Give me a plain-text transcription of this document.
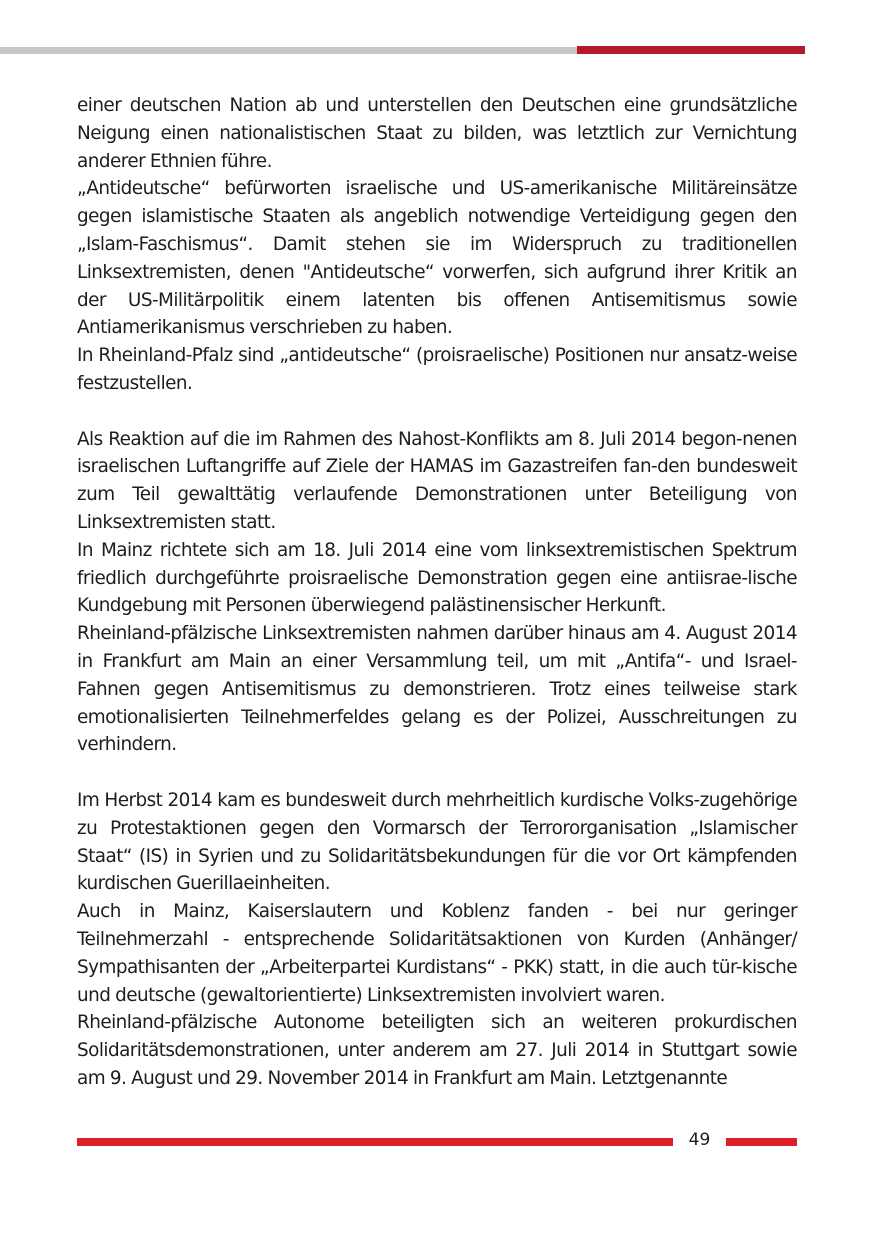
einer deutschen Nation ab und unterstellen den Deutschen eine grundsätzliche Neigung einen nationalistischen Staat zu bilden, was letztlich zur Vernichtung anderer Ethnien führe.

„Antideutsche“ befürworten israelische und US-amerikanische Militäreinsätze gegen islamistische Staaten als angeblich notwendige Verteidigung gegen den „Islam-Faschismus“. Damit stehen sie im Widerspruch zu traditionellen Linksextremisten, denen "Antideutsche“ vorwerfen, sich aufgrund ihrer Kritik an der US-Militärpolitik einem latenten bis offenen Antisemitismus sowie Antiamerikanismus verschrieben zu haben.

In Rheinland-Pfalz sind „antideutsche“ (proisraelische) Positionen nur ansatz-weise festzustellen.

Als Reaktion auf die im Rahmen des Nahost-Konflikts am 8. Juli 2014 begon-nenen israelischen Luftangriffe auf Ziele der HAMAS im Gazastreifen fan-den bundesweit zum Teil gewalttätig verlaufende Demonstrationen unter Beteiligung von Linksextremisten statt.

In Mainz richtete sich am 18. Juli 2014 eine vom linksextremistischen Spektrum friedlich durchgeführte proisraelische Demonstration gegen eine antiisrae-lische Kundgebung mit Personen überwiegend palästinensischer Herkunft.

Rheinland-pfälzische Linksextremisten nahmen darüber hinaus am 4. August 2014 in Frankfurt am Main an einer Versammlung teil, um mit „Antifa“- und Israel-Fahnen gegen Antisemitismus zu demonstrieren. Trotz eines teilweise stark emotionalisierten Teilnehmerfeldes gelang es der Polizei, Ausschreitungen zu verhindern.

Im Herbst 2014 kam es bundesweit durch mehrheitlich kurdische Volks-zugehörige zu Protestaktionen gegen den Vormarsch der Terrororganisation „Islamischer Staat“ (IS) in Syrien und zu Solidaritätsbekundungen für die vor Ort kämpfenden kurdischen Guerillaeinheiten.

Auch in Mainz, Kaiserslautern und Koblenz fanden - bei nur geringer Teilnehmerzahl - entsprechende Solidaritätsaktionen von Kurden (Anhänger/ Sympathisanten der „Arbeiterpartei Kurdistans“ - PKK) statt, in die auch tür-kische und deutsche (gewaltorientierte) Linksextremisten involviert waren.

Rheinland-pfälzische Autonome beteiligten sich an weiteren prokurdischen Solidaritätsdemonstrationen, unter anderem am 27. Juli 2014 in Stuttgart sowie am 9. August und 29. November 2014 in Frankfurt am Main. Letztgenannte

49
